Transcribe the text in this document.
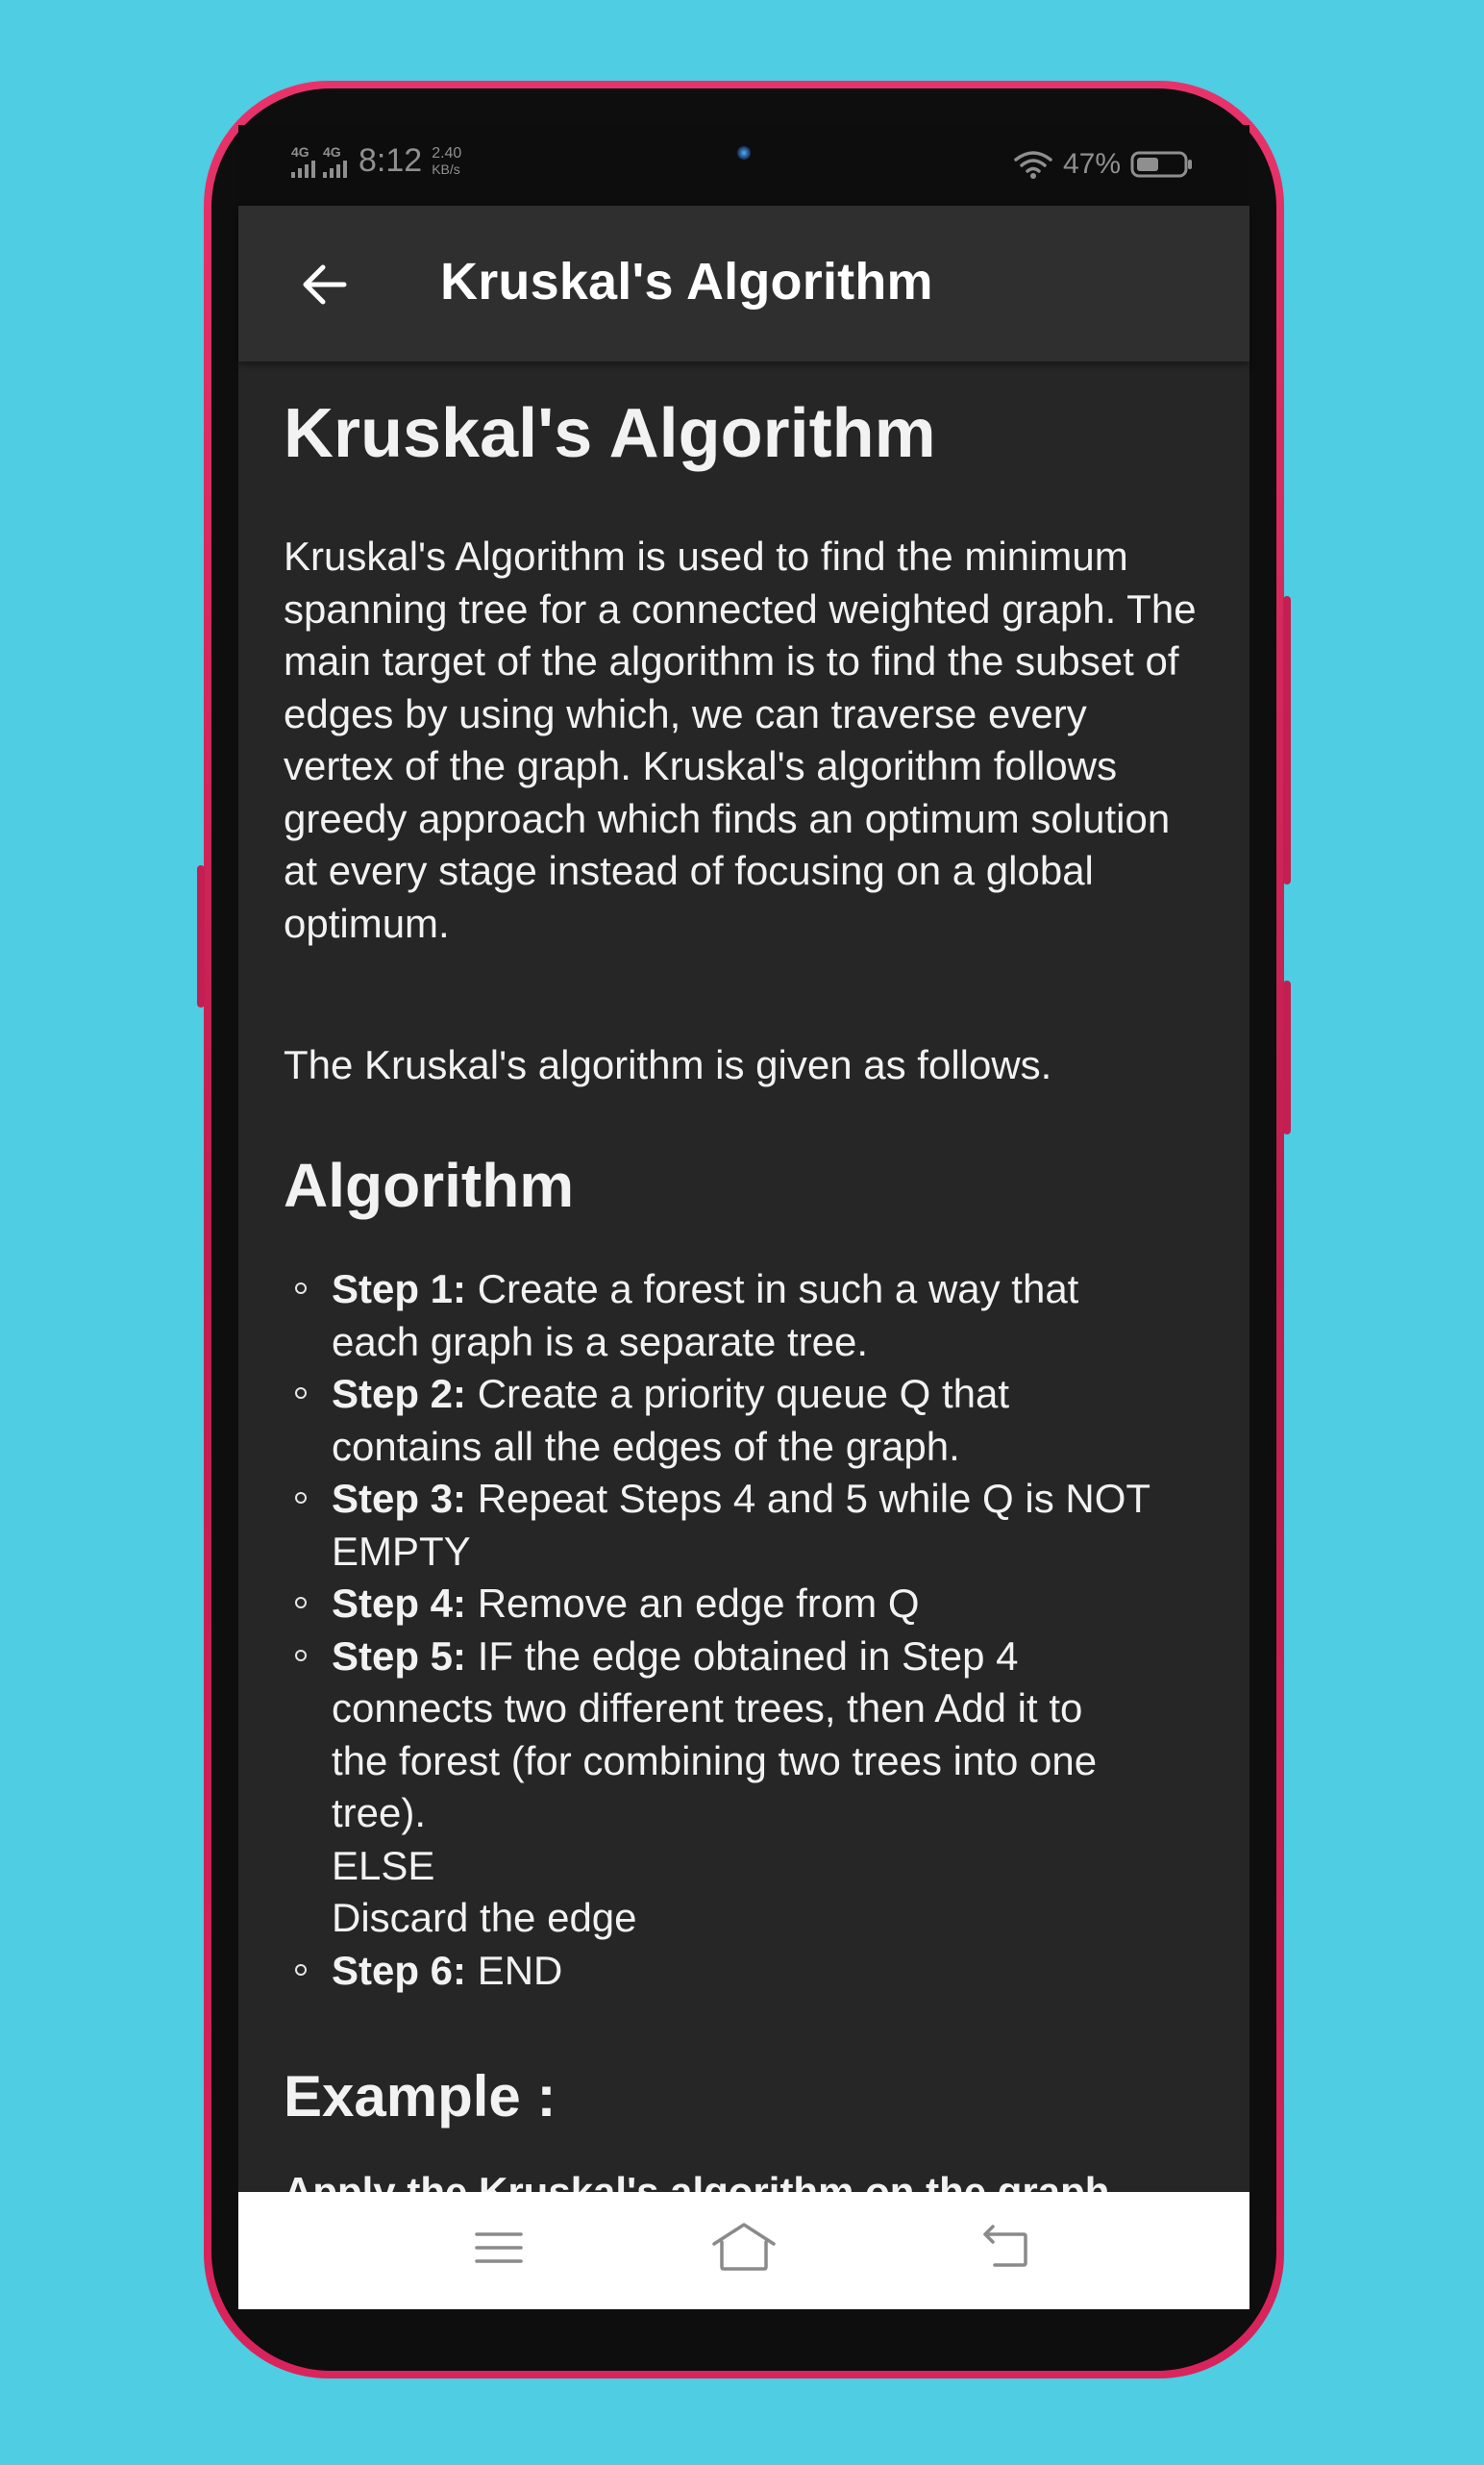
4G 4G 8:12 2.40
KB/s	47%
Kruskal's Algorithm
Kruskal's Algorithm

Kruskal's Algorithm is used to find the minimum spanning tree for a connected weighted graph. The main target of the algorithm is to find the subset of edges by using which, we can traverse every vertex of the graph. Kruskal's algorithm follows greedy approach which finds an optimum solution at every stage instead of focusing on a global optimum.

The Kruskal's algorithm is given as follows.

Algorithm
Step 1: Create a forest in such a way that
each graph is a separate tree.
Step 2: Create a priority queue Q that
contains all the edges of the graph.
Step 3: Repeat Steps 4 and 5 while Q is NOT
EMPTY
Step 4: Remove an edge from Q
Step 5: IF the edge obtained in Step 4
connects two different trees, then Add it to
the forest (for combining two trees into one
tree).
ELSE
Discard the edge
Step 6: END
Example :
